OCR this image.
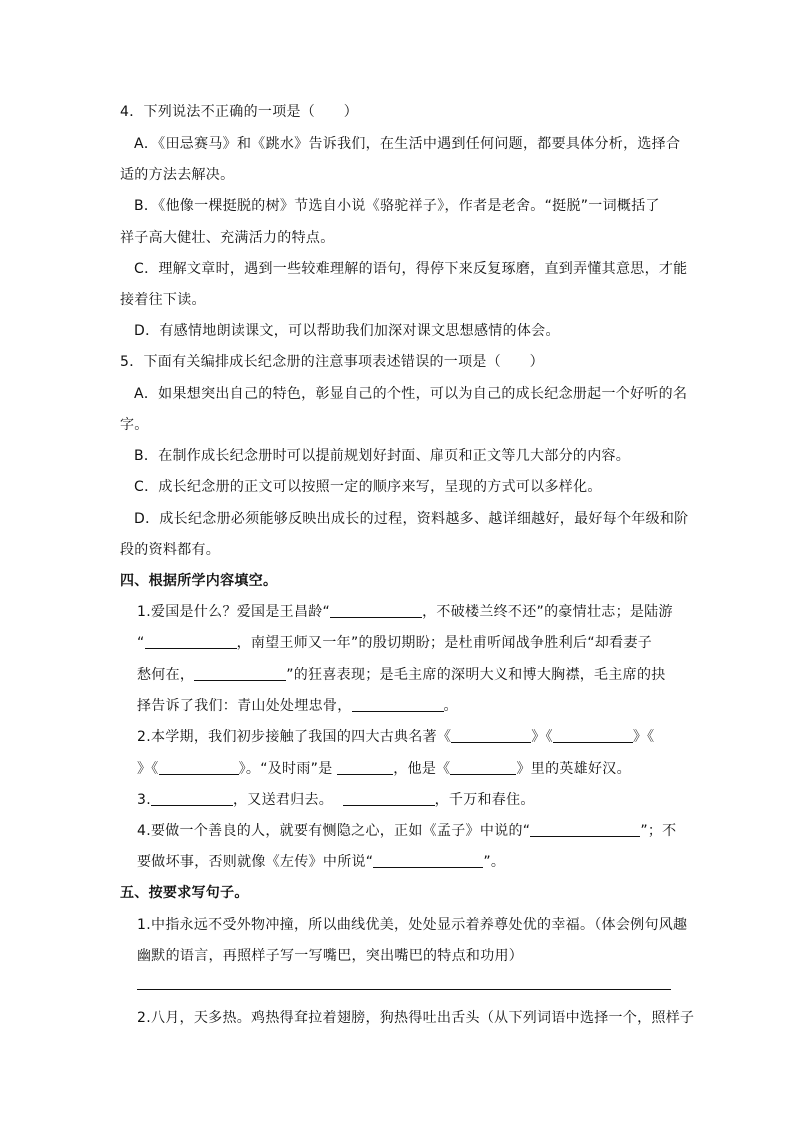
4．下列说法不正确的一项是（　　）
A．《田忌赛马》和《跳水》告诉我们，在生活中遇到任何问题，都要具体分析，选择合
适的方法去解决。
B．《他像一棵挺脱的树》节选自小说《骆驼祥子》，作者是老舍。“挺脱”一词概括了
祥子高大健壮、充满活力的特点。
C．理解文章时，遇到一些较难理解的语句，得停下来反复琢磨，直到弄懂其意思，才能
接着往下读。
D．有感情地朗读课文，可以帮助我们加深对课文思想感情的体会。
5．下面有关编排成长纪念册的注意事项表述错误的一项是（　　）
A．如果想突出自己的特色，彰显自己的个性，可以为自己的成长纪念册起一个好听的名
字。
B．在制作成长纪念册时可以提前规划好封面、扉页和正文等几大部分的内容。
C．成长纪念册的正文可以按照一定的顺序来写，呈现的方式可以多样化。
D．成长纪念册必须能够反映出成长的过程，资料越多、越详细越好，最好每个年级和阶
段的资料都有。
四、根据所学内容填空。
1.爱国是什么？爱国是王昌龄“	，不破楼兰终不还”的豪情壮志；是陆游
“	，南望王师又一年”的殷切期盼；是杜甫听闻战争胜利后“却看妻子
愁何在，	”的狂喜表现；是毛主席的深明大义和博大胸襟，毛主席的抉
择告诉了我们：青山处处埋忠骨，	。
2.本学期，我们初步接触了我国的四大古典名著《	》《	》《
》《	》。“及时雨”是	，他是《	》里的英雄好汉。
3.	，又送君归去。	，千万和春住。
4.要做一个善良的人，就要有恻隐之心，正如《孟子》中说的“	”；不
要做坏事，否则就像《左传》中所说“	”。
五、按要求写句子。
1.中指永远不受外物冲撞，所以曲线优美，处处显示着养尊处优的幸福。（体会例句风趣
幽默的语言，再照样子写一写嘴巴，突出嘴巴的特点和功用）
2.八月，天多热。鸡热得耷拉着翅膀，狗热得吐出舌头（从下列词语中选择一个，照样子
